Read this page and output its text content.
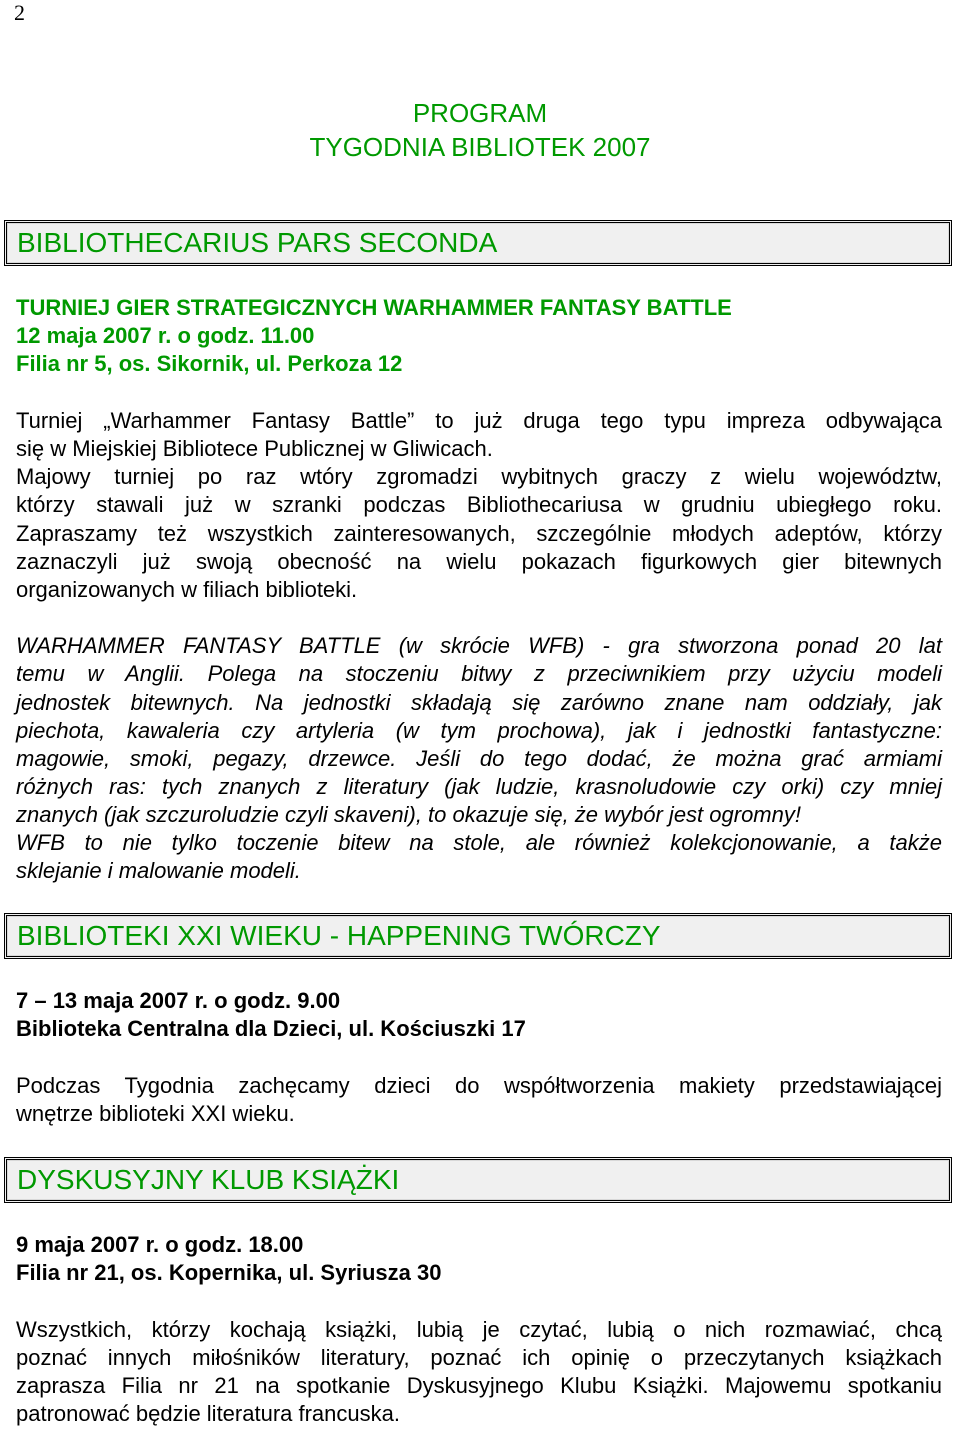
2
PROGRAM
TYGODNIA BIBLIOTEK 2007
BIBLIOTHECARIUS PARS SECONDA
TURNIEJ GIER STRATEGICZNYCH WARHAMMER FANTASY BATTLE
12 maja 2007 r. o godz. 11.00
Filia nr 5, os. Sikornik, ul. Perkoza 12
Turniej „Warhammer Fantasy Battle” to już druga tego typu impreza odbywająca
się w Miejskiej Bibliotece Publicznej w Gliwicach.
Majowy turniej po raz wtóry zgromadzi wybitnych graczy z wielu województw,
którzy stawali już w szranki podczas Bibliothecariusa w grudniu ubiegłego roku.
Zapraszamy też wszystkich zainteresowanych, szczególnie młodych adeptów, którzy
zaznaczyli już swoją obecność na wielu pokazach figurkowych gier bitewnych
organizowanych w filiach biblioteki.
WARHAMMER FANTASY BATTLE (w skrócie WFB) - gra stworzona ponad 20 lat
temu w Anglii. Polega na stoczeniu bitwy z przeciwnikiem przy użyciu modeli
jednostek bitewnych. Na jednostki składają się zarówno znane nam oddziały, jak
piechota, kawaleria czy artyleria (w tym prochowa), jak i jednostki fantastyczne:
magowie, smoki, pegazy, drzewce. Jeśli do tego dodać, że można grać armiami
różnych ras: tych znanych z literatury (jak ludzie, krasnoludowie czy orki) czy mniej
znanych (jak szczuroludzie czyli skaveni), to okazuje się, że wybór jest ogromny!
WFB to nie tylko toczenie bitew na stole, ale również kolekcjonowanie, a także
sklejanie i malowanie modeli.
BIBLIOTEKI XXI WIEKU - HAPPENING TWÓRCZY
7 – 13 maja 2007 r. o godz. 9.00
Biblioteka Centralna dla Dzieci, ul. Kościuszki 17
Podczas Tygodnia zachęcamy dzieci do współtworzenia makiety przedstawiającej
wnętrze biblioteki XXI wieku.
DYSKUSYJNY KLUB KSIĄŻKI
9 maja 2007 r. o godz. 18.00
Filia nr 21, os. Kopernika, ul. Syriusza 30
Wszystkich, którzy kochają książki, lubią je czytać, lubią o nich rozmawiać, chcą
poznać innych miłośników literatury, poznać ich opinię o przeczytanych książkach
zaprasza Filia nr 21 na spotkanie Dyskusyjnego Klubu Książki. Majowemu spotkaniu
patronować będzie literatura francuska.
